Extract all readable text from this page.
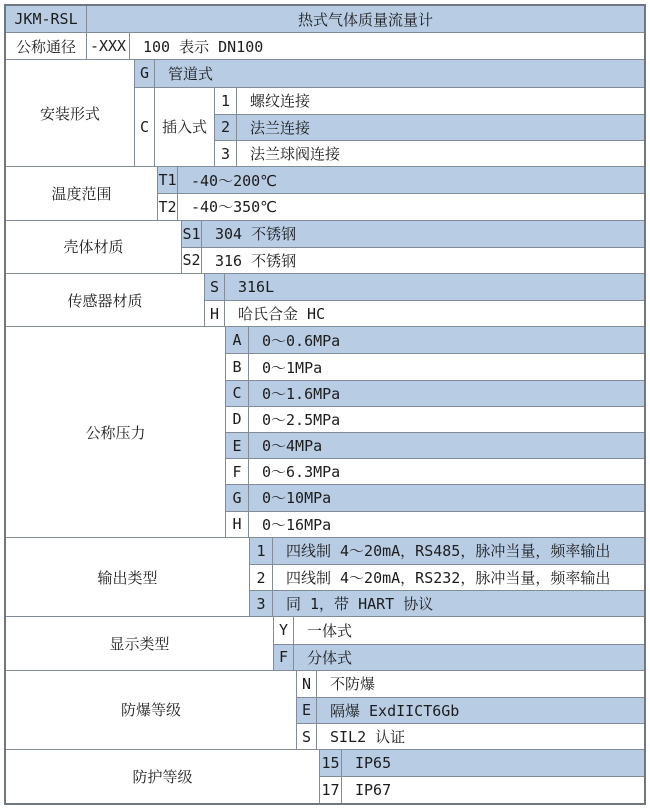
JKM-RSL	热式气体质量流量计
公称通径 -XXX	100 表示 DN100
安装形式
G	管道式
C 插入式
1	螺纹连接
2	法兰连接
3	法兰球阀连接
温度范围
T1 -40～200℃
T2 -40～350℃
壳体材质
S1 304 不锈钢
S2 316 不锈钢
传感器材质
S	316L
H	哈氏合金 HC
公称压力
A	0～0.6MPa
B	0～1MPa
C	0～1.6MPa
D	0～2.5MPa
E	0～4MPa
F	0～6.3MPa
G	0～10MPa
H	0～16MPa
输出类型
1	四线制 4～20mA，RS485，脉冲当量，频率输出
2	四线制 4～20mA，RS232，脉冲当量，频率输出
3	同 1，带 HART 协议
显示类型
Y	一体式
F	分体式
防爆等级
N	不防爆
E	隔爆 ExdIICT6Gb
S	SIL2 认证
防护等级
15	IP65
17	IP67
